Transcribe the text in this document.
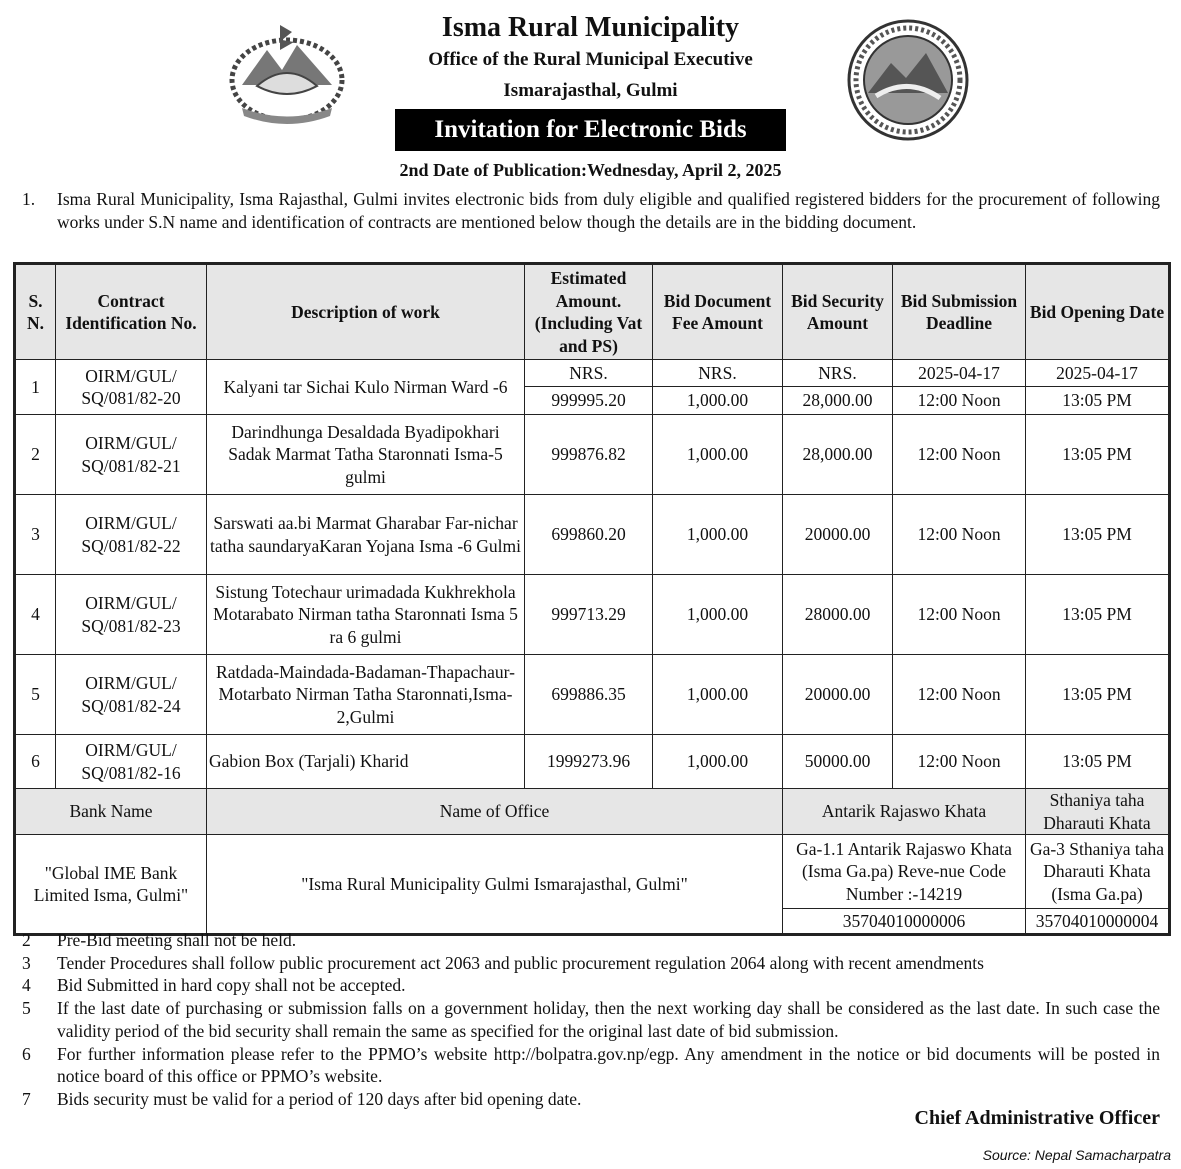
Isma Rural Municipality
Office of the Rural Municipal Executive
Ismarajasthal, Gulmi
Invitation for Electronic Bids
2nd Date of Publication:Wednesday, April 2, 2025
1. Isma Rural Municipality, Isma Rajasthal, Gulmi invites electronic bids from duly eligible and qualified registered bidders for the procurement of following works under S.N name and identification of contracts are mentioned below though the details are in the bidding document.
S. N.	Contract Identification No.	Description of work	Estimated Amount. (Including Vat and PS)	Bid Document Fee Amount	Bid Security Amount	Bid Submission Deadline	Bid Opening Date
1	OIRM/GUL/ SQ/081/82-20	Kalyani tar Sichai Kulo Nirman Ward -6	NRS.	NRS.	NRS.	2025-04-17	2025-04-17
			999995.20	1,000.00	28,000.00	12:00 Noon	13:05 PM
2	OIRM/GUL/ SQ/081/82-21	Darindhunga Desaldada Byadipokhari Sadak Marmat Tatha Staronnati Isma-5 gulmi	999876.82	1,000.00	28,000.00	12:00 Noon	13:05 PM
3	OIRM/GUL/ SQ/081/82-22	Sarswati aa.bi Marmat Gharabar Far-nichar tatha saundaryaKaran Yojana Isma -6 Gulmi	699860.20	1,000.00	20000.00	12:00 Noon	13:05 PM
4	OIRM/GUL/ SQ/081/82-23	Sistung Totechaur urimadada Kukhrekhola Motarabato Nirman tatha Staronnati Isma 5 ra 6 gulmi	999713.29	1,000.00	28000.00	12:00 Noon	13:05 PM
5	OIRM/GUL/ SQ/081/82-24	Ratdada-Maindada-Badaman-Thapachaur-Motarbato Nirman Tatha Staronnati,Isma-2,Gulmi	699886.35	1,000.00	20000.00	12:00 Noon	13:05 PM
6	OIRM/GUL/ SQ/081/82-16	Gabion Box (Tarjali) Kharid	1999273.96	1,000.00	50000.00	12:00 Noon	13:05 PM
Bank Name		Name of Office			Antarik Rajaswo Khata		Sthaniya taha Dharauti Khata
"Global IME Bank Limited Isma, Gulmi"		"Isma Rural Municipality Gulmi Ismarajasthal, Gulmi"			Ga-1.1 Antarik Rajaswo Khata (Isma Ga.pa) Reve-nue Code Number :-14219		Ga-3 Sthaniya taha Dharauti Khata (Isma Ga.pa)
					35704010000006		35704010000004
2	Pre-Bid meeting shall not be held.
3	Tender Procedures shall follow public procurement act 2063 and public procurement regulation 2064 along with recent amendments
4	Bid Submitted in hard copy shall not be accepted.
5	If the last date of purchasing or submission falls on a government holiday, then the next working day shall be considered as the last date. In such case the validity period of the bid security shall remain the same as specified for the original last date of bid submission.
6	For further information please refer to the PPMO’s website http://bolpatra.gov.np/egp. Any amendment in the notice or bid documents will be posted in notice board of this office or PPMO’s website.
7	Bids security must be valid for a period of 120 days after bid opening date.
Chief Administrative Officer
Source: Nepal Samacharpatra
